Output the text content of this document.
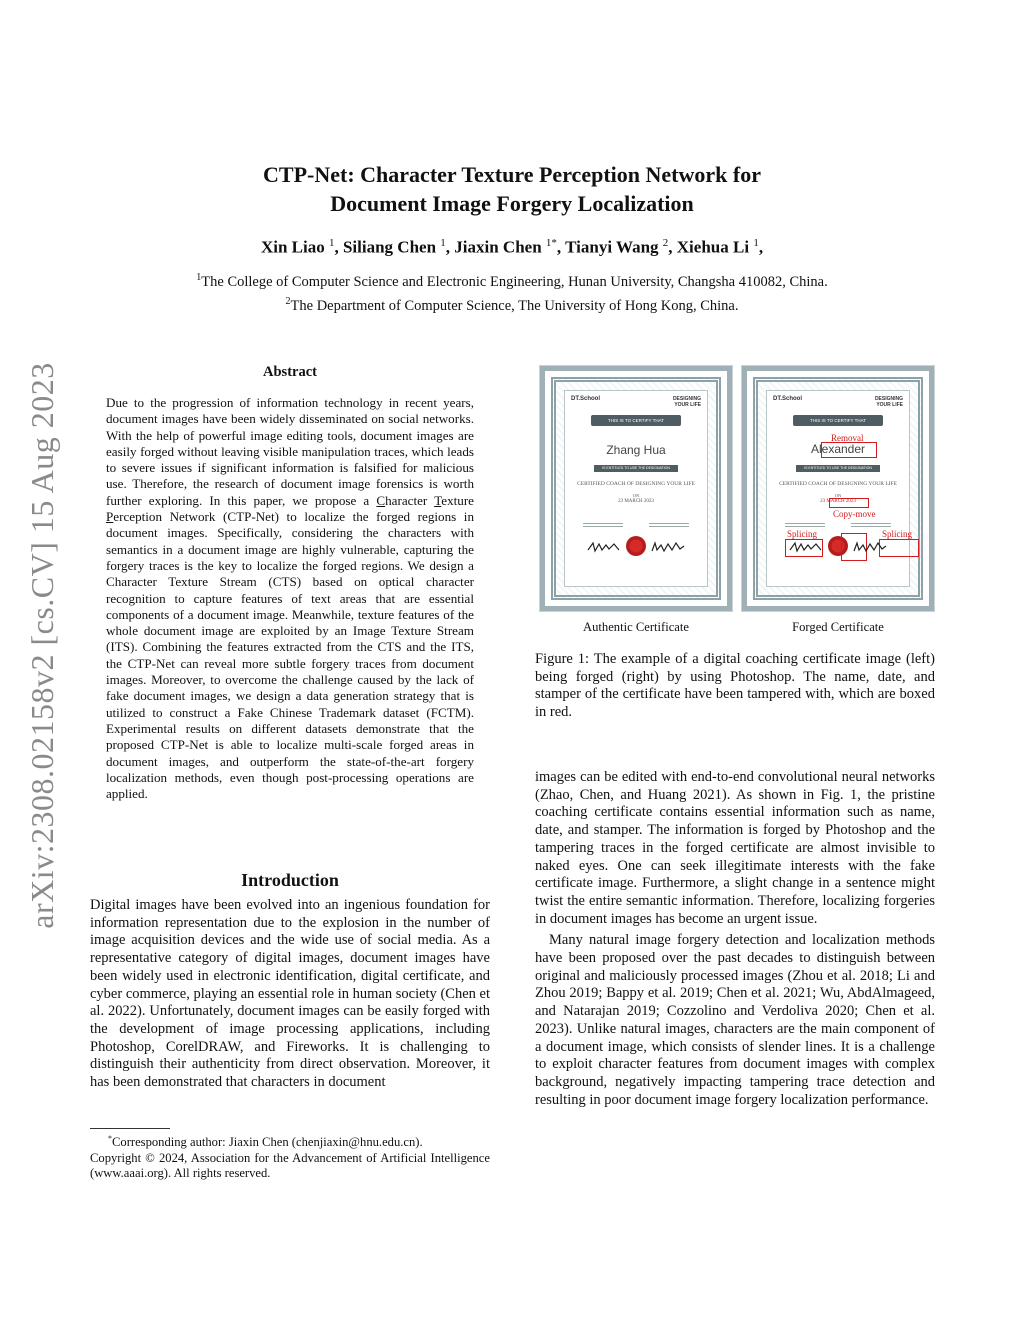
arXiv:2308.02158v2 [cs.CV] 15 Aug 2023
CTP-Net: Character Texture Perception Network for
Document Image Forgery Localization
Xin Liao $^1$, Siliang Chen $^1$, Jiaxin Chen $^{1*}$, Tianyi Wang $^2$, Xiehua Li $^1$,
$^1$The College of Computer Science and Electronic Engineering, Hunan University, Changsha 410082, China.
$^2$The Department of Computer Science, The University of Hong Kong, China.
Abstract
Due to the progression of information technology in recent years, document images have been widely disseminated on social networks. With the help of powerful image editing tools, document images are easily forged without leaving visible manipulation traces, which leads to severe issues if significant information is falsified for malicious use. Therefore, the research of document image forensics is worth further exploring. In this paper, we propose a Character Texture Perception Network (CTP-Net) to localize the forged regions in document images. Specifically, considering the characters with semantics in a document image are highly vulnerable, capturing the forgery traces is the key to localize the forged regions. We design a Character Texture Stream (CTS) based on optical character recognition to capture features of text areas that are essential components of a document image. Meanwhile, texture features of the whole document image are exploited by an Image Texture Stream (ITS). Combining the features extracted from the CTS and the ITS, the CTP-Net can reveal more subtle forgery traces from document images. Moreover, to overcome the challenge caused by the lack of fake document images, we design a data generation strategy that is utilized to construct a Fake Chinese Trademark dataset (FCTM). Experimental results on different datasets demonstrate that the proposed CTP-Net is able to localize multi-scale forged areas in document images, and outperform the state-of-the-art forgery localization methods, even though post-processing operations are applied.
Introduction
Digital images have been evolved into an ingenious foundation for information representation due to the explosion in the number of image acquisition devices and the wide use of social media. As a representative category of digital images, document images have been widely used in electronic identification, digital certificate, and cyber commerce, playing an essential role in human society (Chen et al. 2022). Unfortunately, document images can be easily forged with the development of image processing applications, including Photoshop, CorelDRAW, and Fireworks. It is challenging to distinguish their authenticity from direct observation. Moreover, it has been demonstrated that characters in document
*Corresponding author: Jiaxin Chen (chenjiaxin@hnu.edu.cn).
Copyright © 2024, Association for the Advancement of Artificial Intelligence (www.aaai.org). All rights reserved.
DT.School	DESIGNING
YOUR LIFE
THIS IS TO CERTIFY THAT
Zhang Hua
IS ENTITLED TO USE THE DESIGNATION
CERTIFIED COACH OF DESIGNING YOUR LIFE
ON
23 MARCH 2023
DT.School	DESIGNING
YOUR LIFE
THIS IS TO CERTIFY THAT
Removal
Alexander
IS ENTITLED TO USE THE DESIGNATION
CERTIFIED COACH OF DESIGNING YOUR LIFE
ON
23 MARCH 2023
Copy-move
Splicing	Splicing
Authentic Certificate	Forged Certificate
Figure 1: The example of a digital coaching certificate image (left) being forged (right) by using Photoshop. The name, date, and stamper of the certificate have been tampered with, which are boxed in red.

images can be edited with end-to-end convolutional neural networks (Zhao, Chen, and Huang 2021). As shown in Fig. 1, the pristine coaching certificate contains essential information such as name, date, and stamper. The information is forged by Photoshop and the tampering traces in the forged certificate are almost invisible to naked eyes. One can seek illegitimate interests with the fake certificate image. Furthermore, a slight change in a sentence might twist the entire semantic information. Therefore, localizing forgeries in document images has become an urgent issue.

Many natural image forgery detection and localization methods have been proposed over the past decades to distinguish between original and maliciously processed images (Zhou et al. 2018; Li and Zhou 2019; Bappy et al. 2019; Chen et al. 2021; Wu, AbdAlmageed, and Natarajan 2019; Cozzolino and Verdoliva 2020; Chen et al. 2023). Unlike natural images, characters are the main component of a document image, which consists of slender lines. It is a challenge to exploit character features from document images with complex background, negatively impacting tampering trace detection and resulting in poor document image forgery localization performance.
